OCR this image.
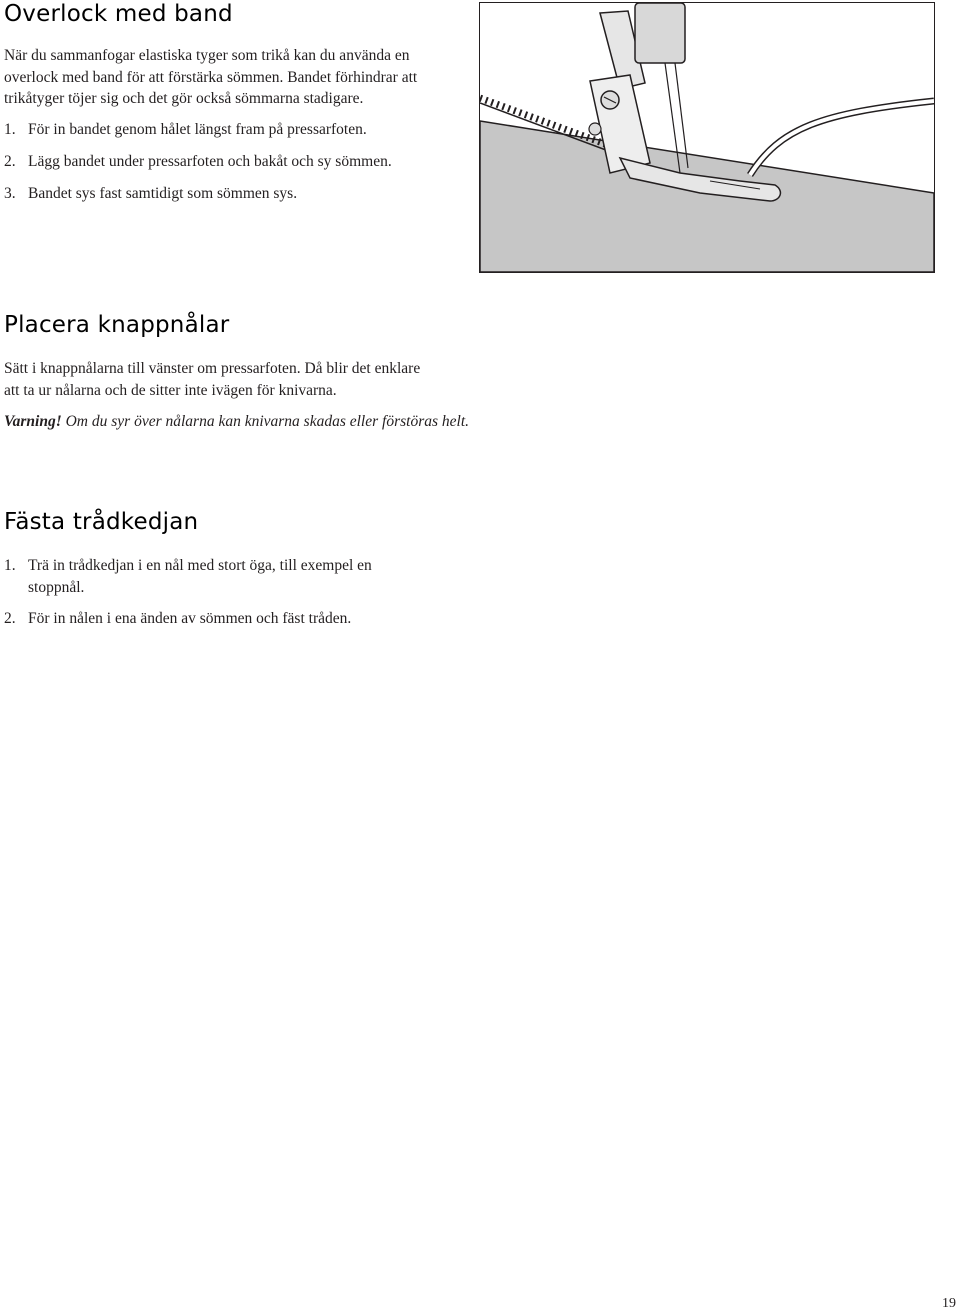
Overlock med band

När du sammanfogar elastiska tyger som trikå kan du använda en overlock med band för att förstärka sömmen. Bandet förhindrar att trikåtyger töjer sig och det gör också sömmarna stadigare.

1. För in bandet genom hålet längst fram på pressarfoten.
2. Lägg bandet under pressarfoten och bakåt och sy sömmen.
3. Bandet sys fast samtidigt som sömmen sys.
Placera knappnålar

Sätt i knappnålarna till vänster om pressarfoten. Då blir det enklare att ta ur nålarna och de sitter inte ivägen för knivarna.

Varning! Om du syr över nålarna kan knivarna skadas eller förstöras helt.

Fästa trådkedjan
1. Trä in trådkedjan i en nål med stort öga, till exempel en stoppnål.
2. För in nålen i ena änden av sömmen och fäst tråden.

19
